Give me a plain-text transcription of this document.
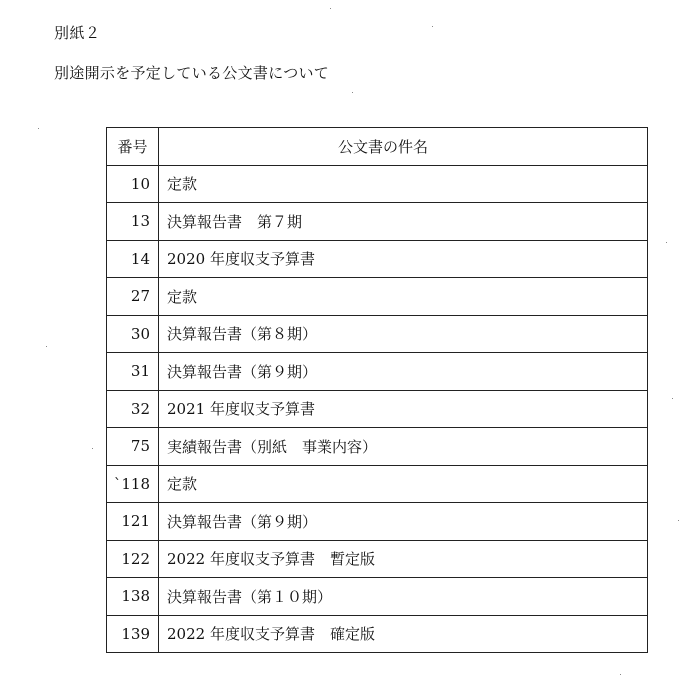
別紙２
別途開示を予定している公文書について
番号	公文書の件名
10	定款
13	決算報告書　第７期
14	2020 年度収支予算書
27	定款
30	決算報告書（第８期）
31	決算報告書（第９期）
32	2021 年度収支予算書
75	実績報告書（別紙　事業内容）
`118	定款
121	決算報告書（第９期）
122	2022 年度収支予算書　暫定版
138	決算報告書（第１０期）
139	2022 年度収支予算書　確定版
